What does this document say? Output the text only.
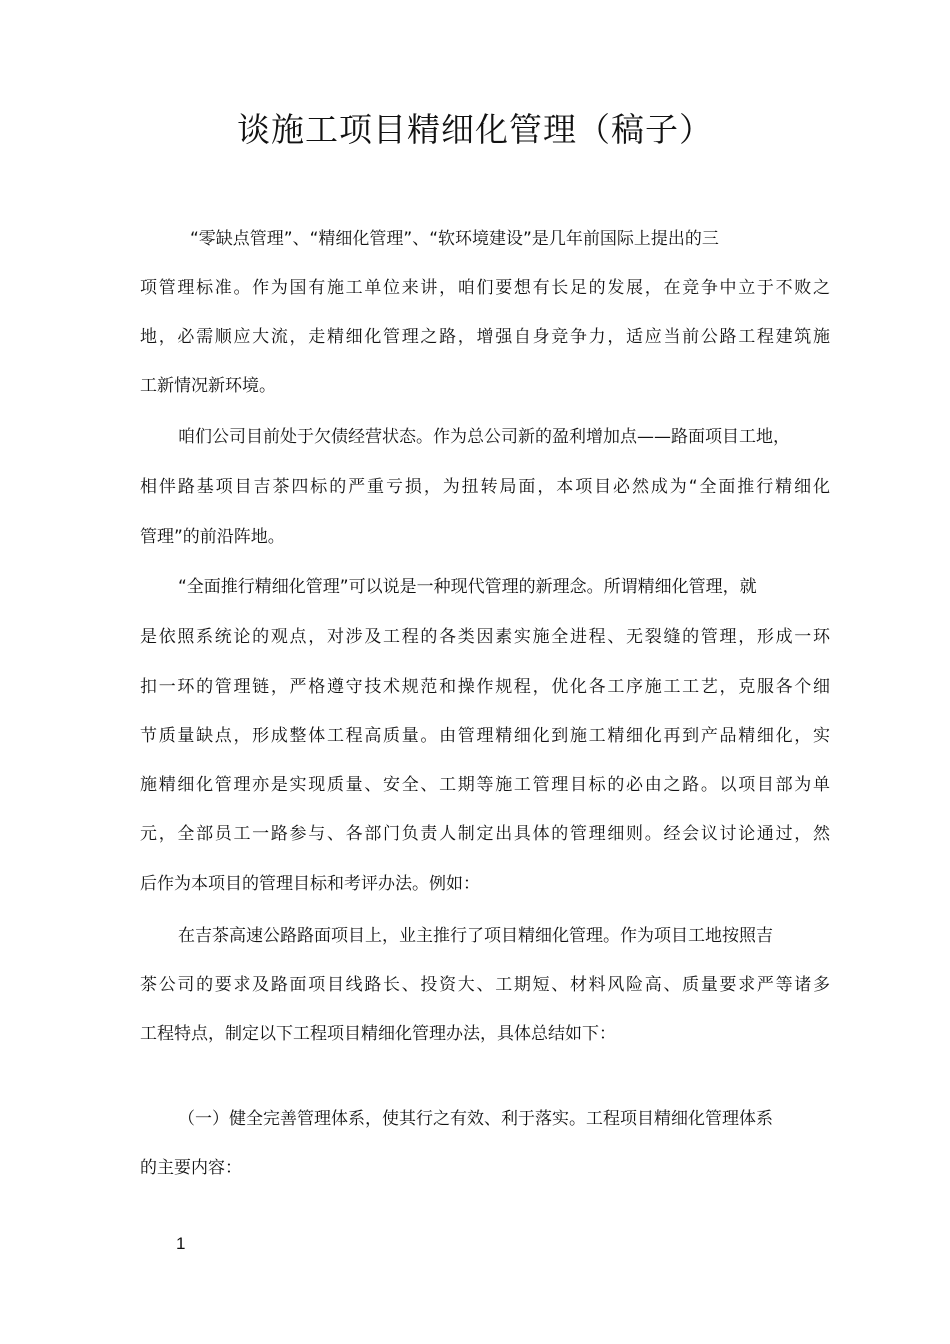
谈施工项目精细化管理（稿子）
“零缺点管理”、“精细化管理”、“软环境建设”是几年前国际上提出的三
项管理标准。作为国有施工单位来讲，咱们要想有长足的发展，在竞争中立于不败之
地，必需顺应大流，走精细化管理之路，增强自身竞争力，适应当前公路工程建筑施
工新情况新环境。
咱们公司目前处于欠债经营状态。作为总公司新的盈利增加点——路面项目工地，
相伴路基项目吉茶四标的严重亏损，为扭转局面，本项目必然成为“全面推行精细化
管理”的前沿阵地。
“全面推行精细化管理”可以说是一种现代管理的新理念。所谓精细化管理，就
是依照系统论的观点，对涉及工程的各类因素实施全进程、无裂缝的管理，形成一环
扣一环的管理链，严格遵守技术规范和操作规程，优化各工序施工工艺，克服各个细
节质量缺点，形成整体工程高质量。由管理精细化到施工精细化再到产品精细化，实
施精细化管理亦是实现质量、安全、工期等施工管理目标的必由之路。以项目部为单
元，全部员工一路参与、各部门负责人制定出具体的管理细则。经会议讨论通过，然
后作为本项目的管理目标和考评办法。例如：
在吉茶高速公路路面项目上，业主推行了项目精细化管理。作为项目工地按照吉
茶公司的要求及路面项目线路长、投资大、工期短、材料风险高、质量要求严等诸多
工程特点，制定以下工程项目精细化管理办法，具体总结如下：
（一）健全完善管理体系，使其行之有效、利于落实。工程项目精细化管理体系
的主要内容：
1
